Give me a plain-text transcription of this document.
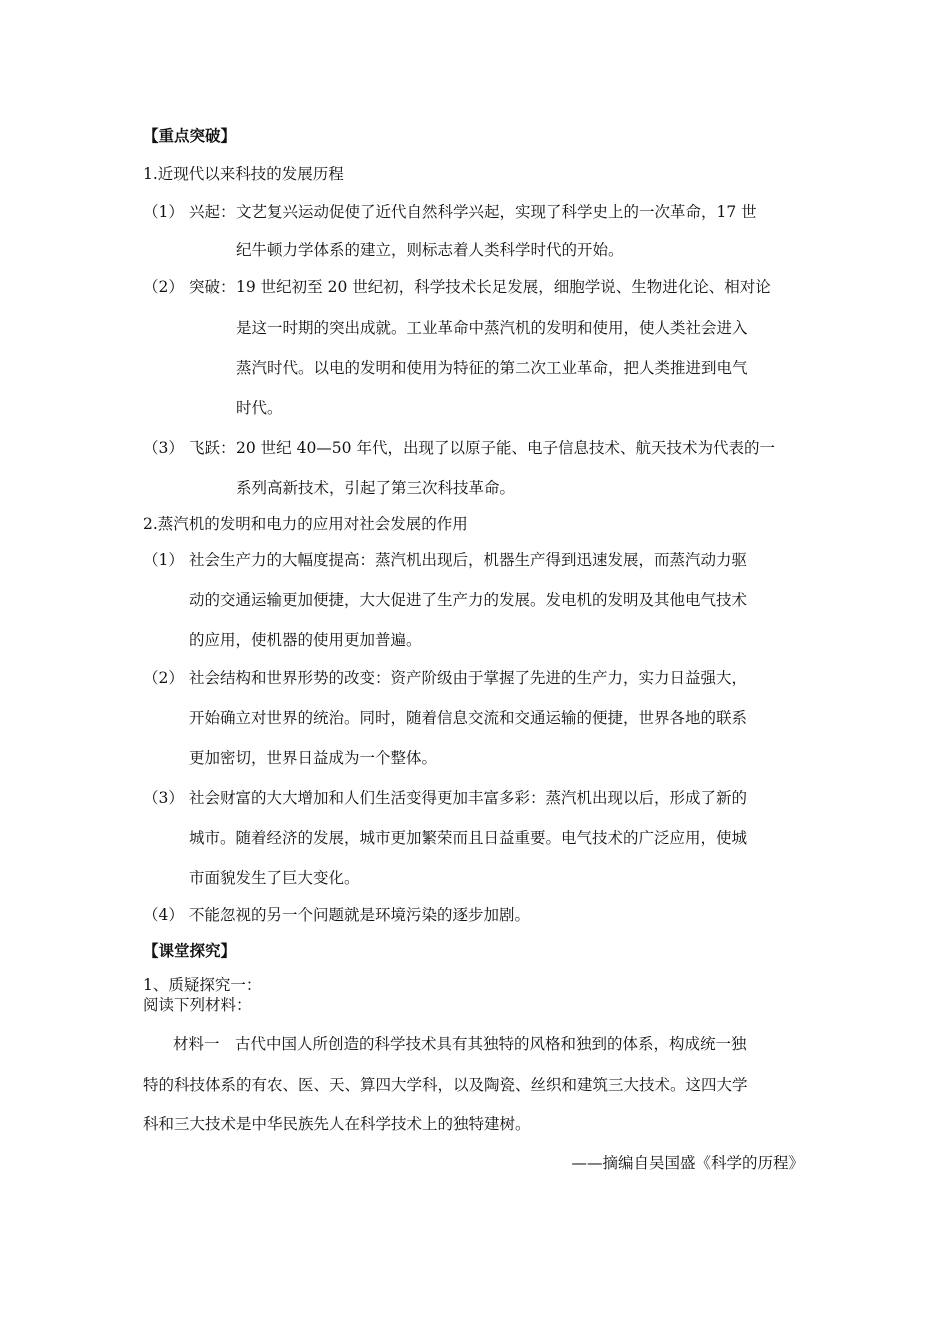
【重点突破】
1.近现代以来科技的发展历程
（1） 兴起： 文艺复兴运动促使了近代自然科学兴起，实现了科学史上的一次革命，17 世
纪牛顿力学体系的建立，则标志着人类科学时代的开始。
（2） 突破： 19 世纪初至 20 世纪初，科学技术长足发展，细胞学说、生物进化论、相对论
是这一时期的突出成就。工业革命中蒸汽机的发明和使用，使人类社会进入
蒸汽时代。以电的发明和使用为特征的第二次工业革命，把人类推进到电气
时代。
（3） 飞跃： 20 世纪 40—50 年代，出现了以原子能、电子信息技术、航天技术为代表的一
系列高新技术，引起了第三次科技革命。
2.蒸汽机的发明和电力的应用对社会发展的作用
（1） 社会生产力的大幅度提高：蒸汽机出现后，机器生产得到迅速发展，而蒸汽动力驱
动的交通运输更加便捷，大大促进了生产力的发展。发电机的发明及其他电气技术
的应用，使机器的使用更加普遍。
（2） 社会结构和世界形势的改变：资产阶级由于掌握了先进的生产力，实力日益强大，
开始确立对世界的统治。同时，随着信息交流和交通运输的便捷，世界各地的联系
更加密切，世界日益成为一个整体。
（3） 社会财富的大大增加和人们生活变得更加丰富多彩：蒸汽机出现以后，形成了新的
城市。随着经济的发展，城市更加繁荣而且日益重要。电气技术的广泛应用，使城
市面貌发生了巨大变化。
（4） 不能忽视的另一个问题就是环境污染的逐步加剧。
【课堂探究】
1、质疑探究一：
阅读下列材料：
材料一　古代中国人所创造的科学技术具有其独特的风格和独到的体系，构成统一独
特的科技体系的有农、医、天、算四大学科，以及陶瓷、丝织和建筑三大技术。这四大学
科和三大技术是中华民族先人在科学技术上的独特建树。
——摘编自吴国盛《科学的历程》
